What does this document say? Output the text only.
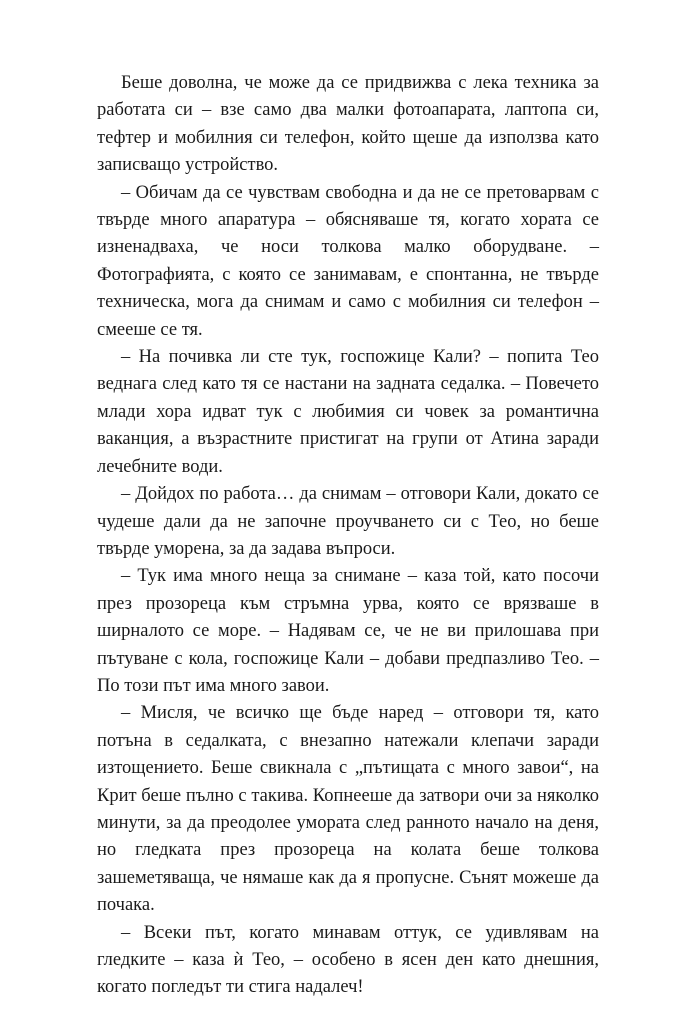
Беше доволна, че може да се придвижва с лека техника за работата си – взе само два малки фотоапарата, лаптопа си, тефтер и мобилния си телефон, който щеше да използва като записващо устройство.

– Обичам да се чувствам свободна и да не се претоварвам с твърде много апаратура – обясняваше тя, когато хората се изненадваха, че носи толкова малко оборудване. – Фотографията, с която се занимавам, е спонтанна, не твърде техническа, мога да снимам и само с мобилния си телефон – смееше се тя.

– На почивка ли сте тук, госпожице Кали? – попита Тео веднага след като тя се настани на задната седалка. – Повечето млади хора идват тук с любимия си човек за романтична ваканция, а възрастните пристигат на групи от Атина заради лечебните води.

– Дойдох по работа… да снимам – отговори Кали, докато се чудеше дали да не започне проучването си с Тео, но беше твърде уморена, за да задава въпроси.

– Тук има много неща за снимане – каза той, като посочи през прозореца към стръмна урва, която се врязваше в ширналото се море. – Надявам се, че не ви прилошава при пътуване с кола, госпожице Кали – добави предпазливо Тео. – По този път има много завои.

– Мисля, че всичко ще бъде наред – отговори тя, като потъна в седалката, с внезапно натежали клепачи заради изтощението. Беше свикнала с „пътищата с много завои“, на Крит беше пълно с такива. Копнееше да затвори очи за няколко минути, за да преодолее умората след ранното начало на деня, но гледката през прозореца на колата беше толкова зашеметяваща, че нямаше как да я пропусне. Сънят можеше да почака.

– Всеки път, когато минавам оттук, се удивлявам на гледките – каза ѝ Тео, – особено в ясен ден като днешния, когато погледът ти стига надалеч!
